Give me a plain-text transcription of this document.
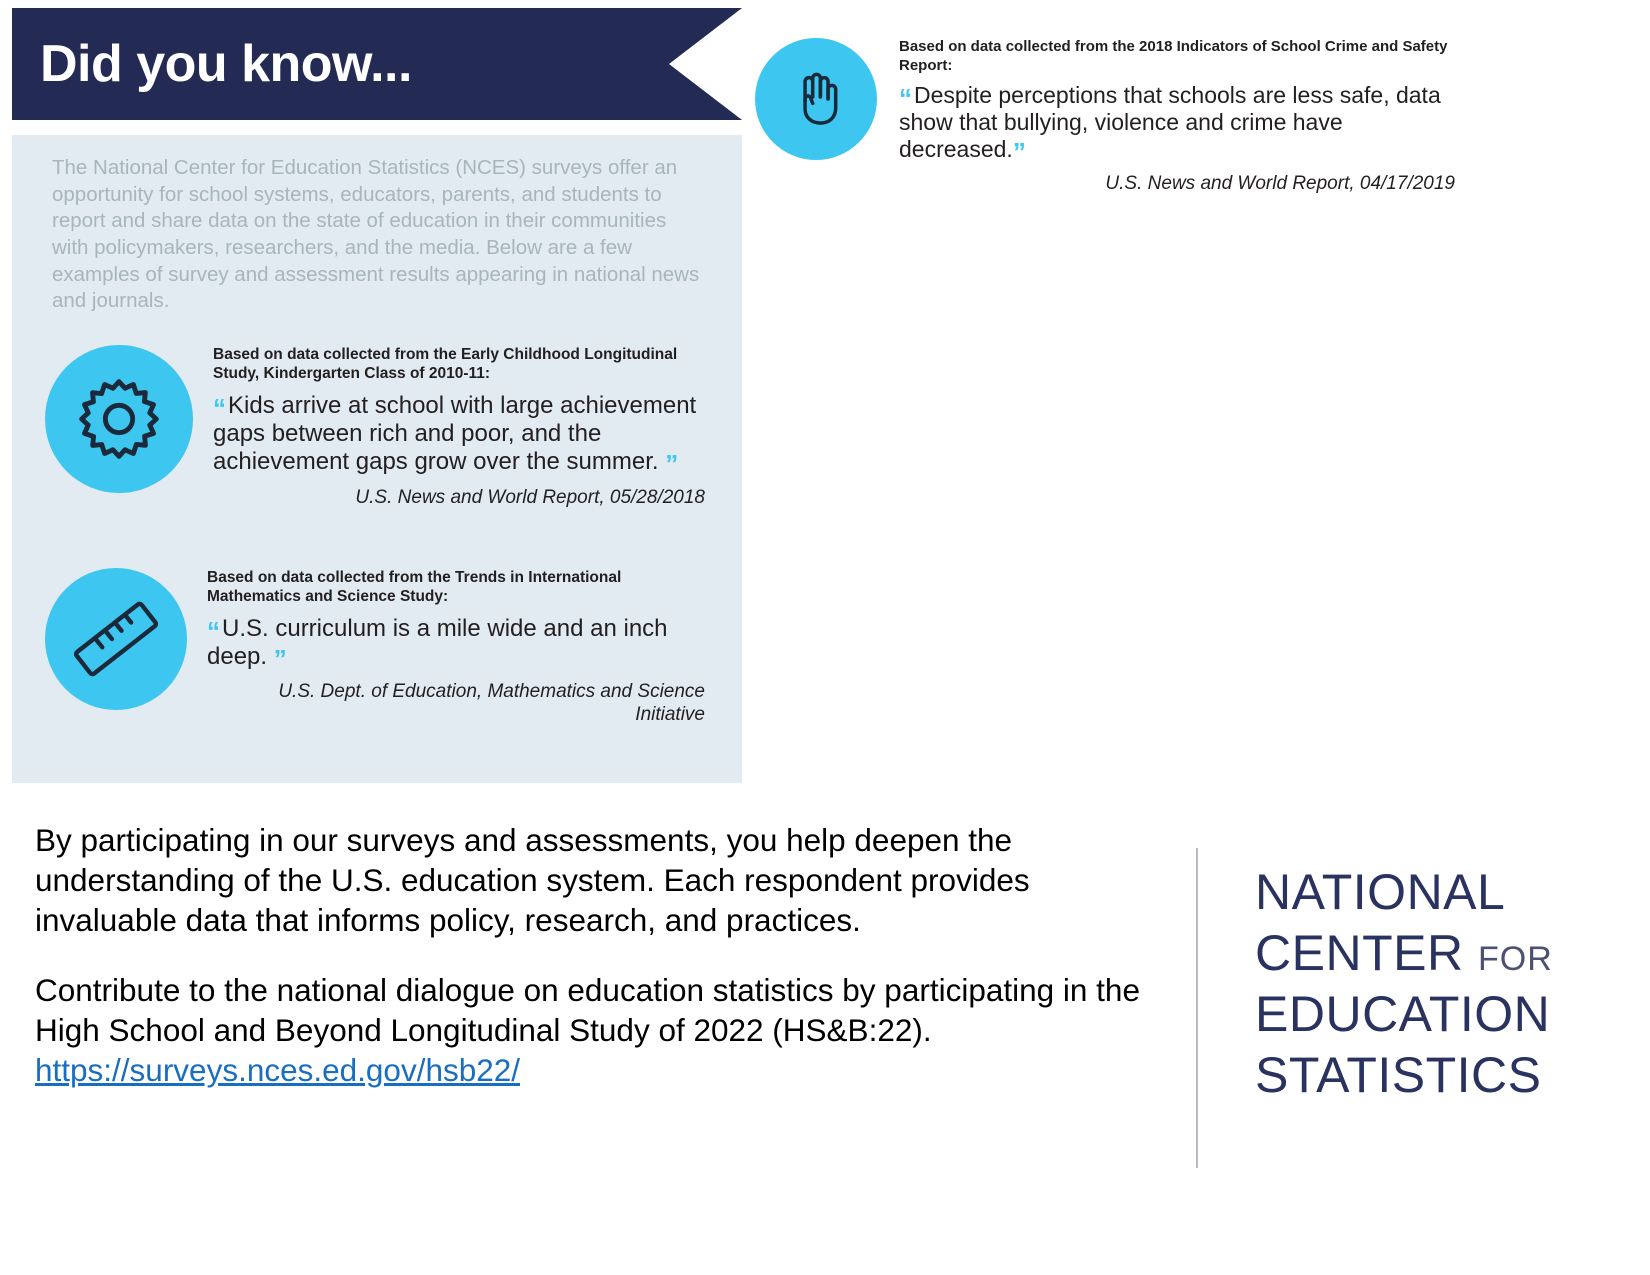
Did you know...
The National Center for Education Statistics (NCES) surveys offer an opportunity for school systems, educators, parents, and students to report and share data on the state of education in their communities with policymakers, researchers, and the media. Below are a few examples of survey and assessment results appearing in national news and journals.
Based on data collected from the 2018 Indicators of School Crime and Safety Report:
“Despite perceptions that schools are less safe, data show that bullying, violence and crime have decreased.”
U.S. News and World Report, 04/17/2019
Based on data collected from the Early Childhood Longitudinal Study, Kindergarten Class of 2010-11:
“Kids arrive at school with large achievement gaps between rich and poor, and the achievement gaps grow over the summer. ”
U.S. News and World Report, 05/28/2018
Based on data collected from the Trends in International Mathematics and Science Study:
“U.S. curriculum is a mile wide and an inch deep. ”
U.S. Dept. of Education, Mathematics and Science Initiative

By participating in our surveys and assessments, you help deepen the understanding of the U.S. education system. Each respondent provides invaluable data that informs policy, research, and practices.

Contribute to the national dialogue on education statistics by participating in the High School and Beyond Longitudinal Study of 2022 (HS&B:22).
https://surveys.nces.ed.gov/hsb22/

NATIONAL
CENTER FOR
EDUCATION
STATISTICS
